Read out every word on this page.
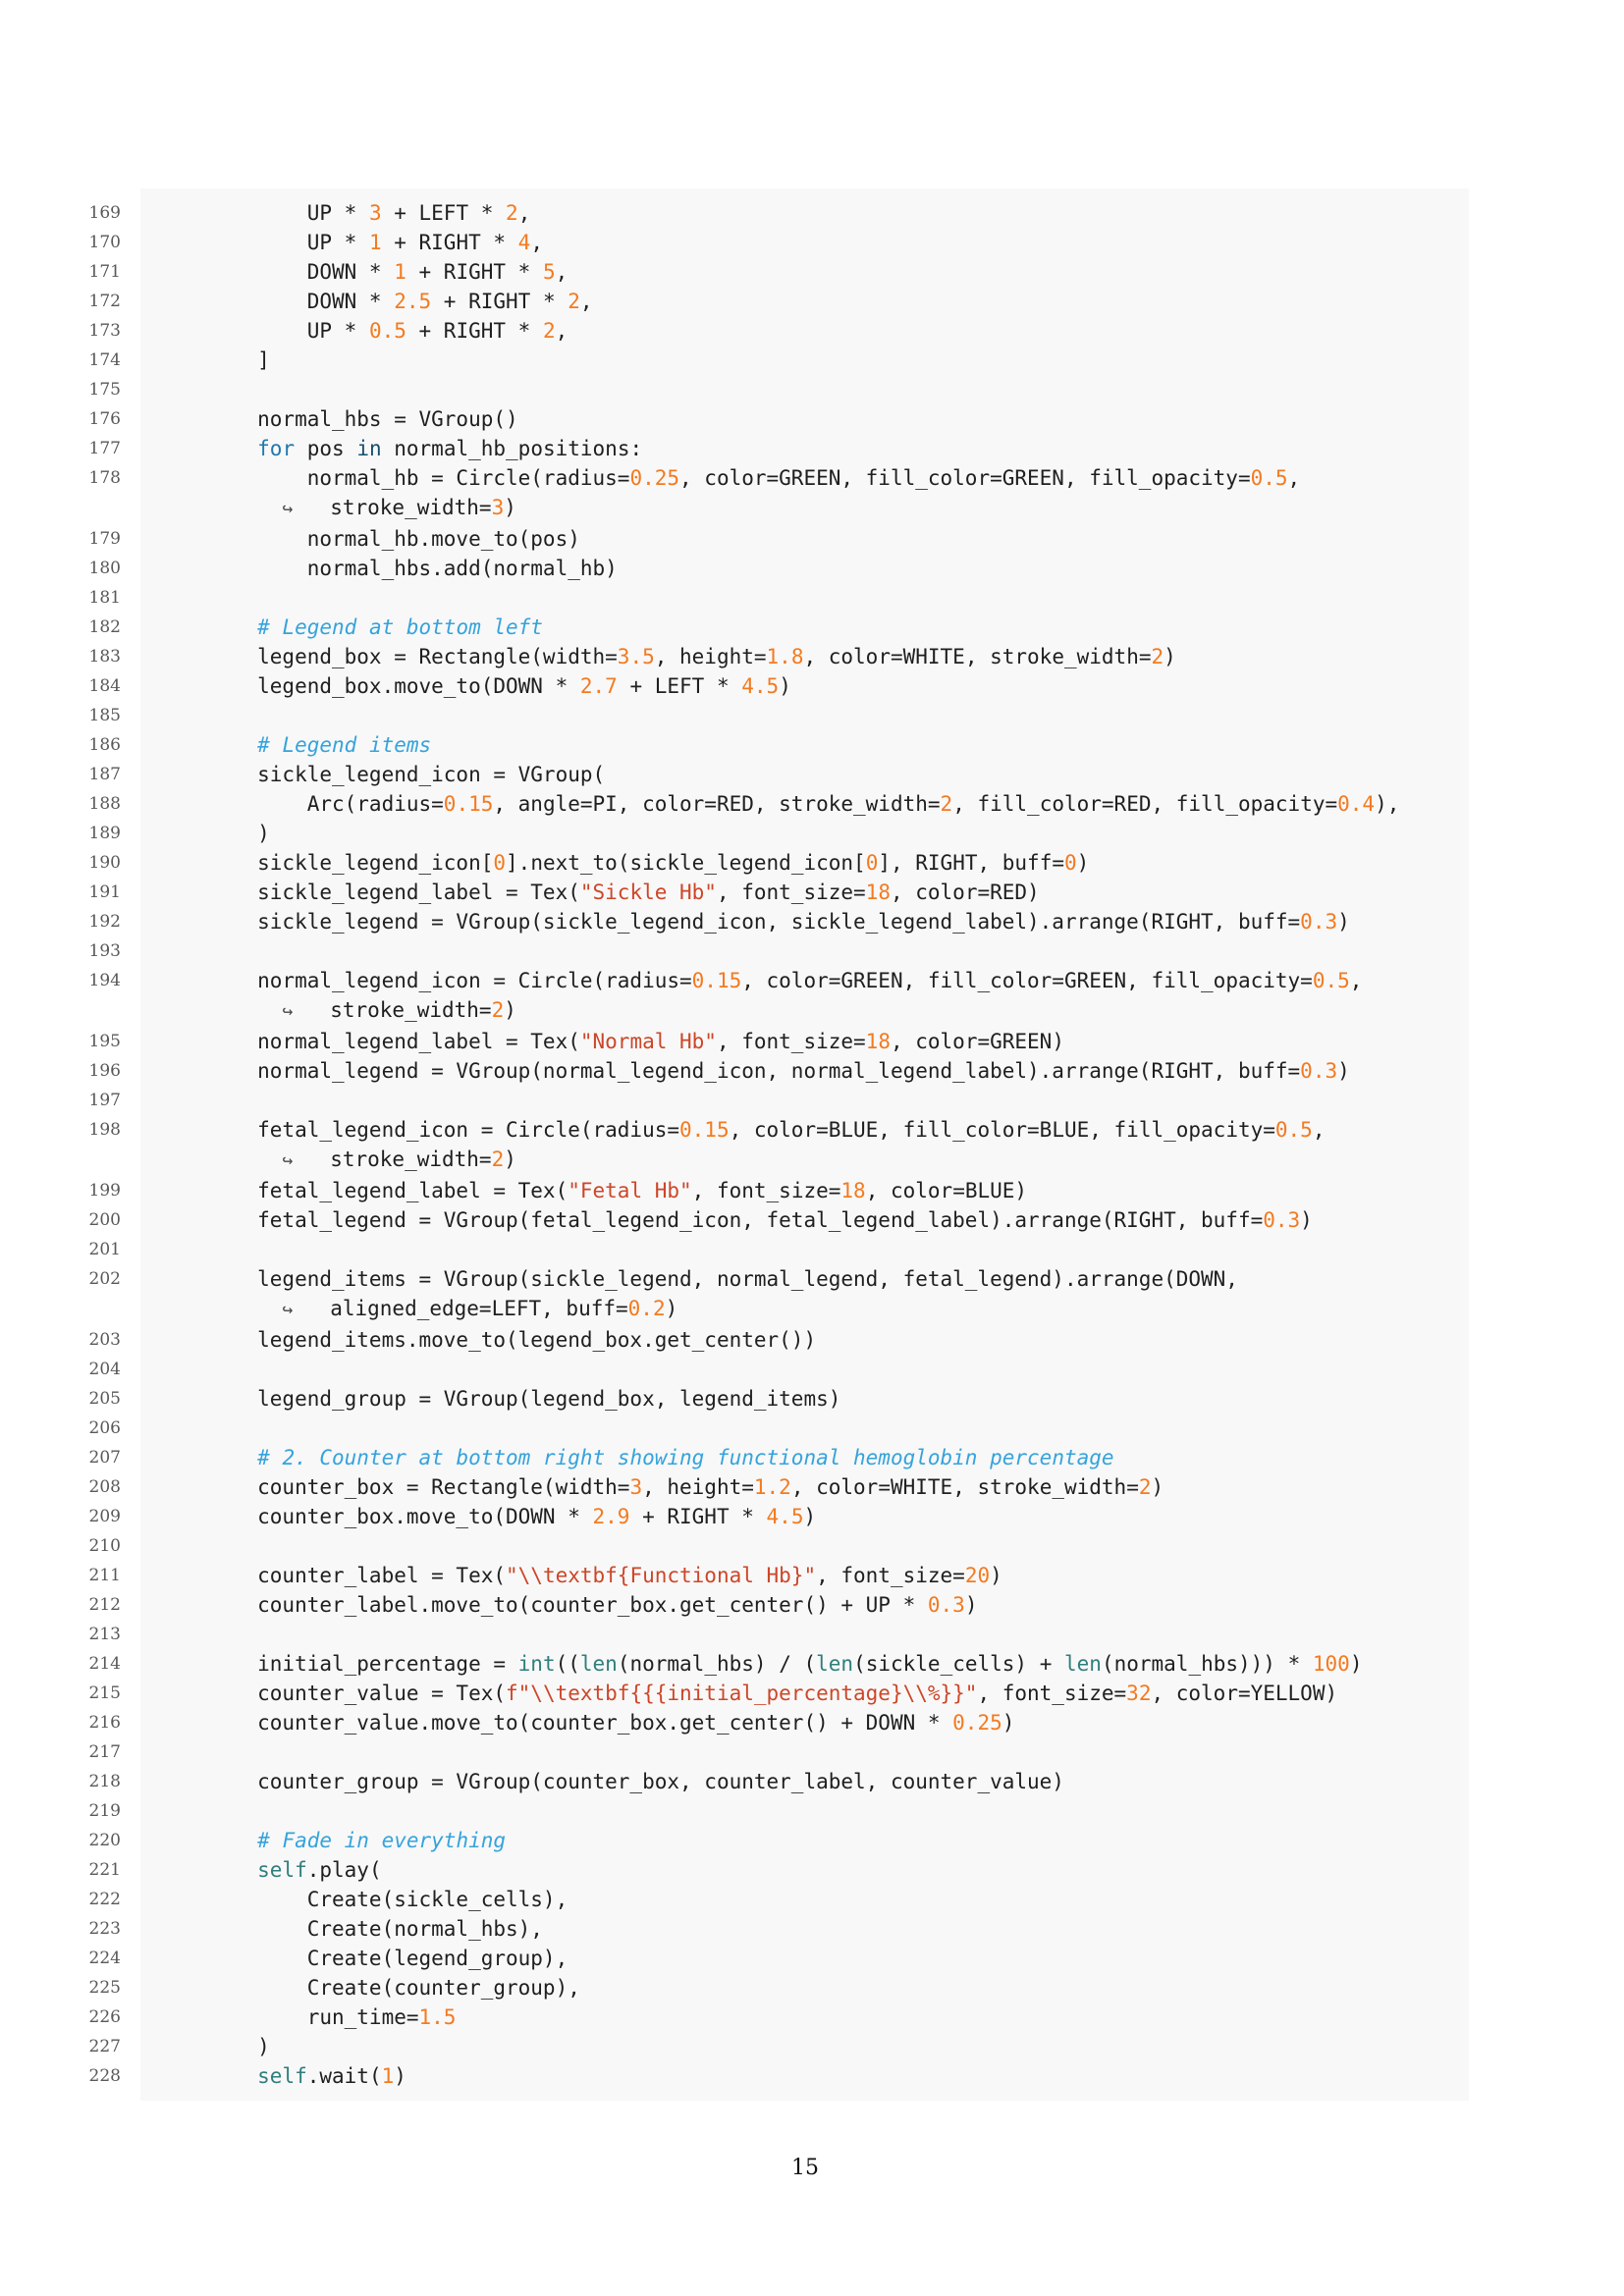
169	UP * 3 + LEFT * 2,
170	UP * 1 + RIGHT * 4,
171	DOWN * 1 + RIGHT * 5,
172	DOWN * 2.5 + RIGHT * 2,
173	UP * 0.5 + RIGHT * 2,
174	]
175

176	normal_hbs = VGroup()
177	for pos in normal_hb_positions:
178	normal_hb = Circle(radius=0.25, color=GREEN, fill_color=GREEN, fill_opacity=0.5,
↪   stroke_width=3)
179	normal_hb.move_to(pos)
180	normal_hbs.add(normal_hb)
181

182	# Legend at bottom left
183	legend_box = Rectangle(width=3.5, height=1.8, color=WHITE, stroke_width=2)
184	legend_box.move_to(DOWN * 2.7 + LEFT * 4.5)
185

186	# Legend items
187	sickle_legend_icon = VGroup(
188	Arc(radius=0.15, angle=PI, color=RED, stroke_width=2, fill_color=RED, fill_opacity=0.4),
189	)
190	sickle_legend_icon[0].next_to(sickle_legend_icon[0], RIGHT, buff=0)
191	sickle_legend_label = Tex("Sickle Hb", font_size=18, color=RED)
192	sickle_legend = VGroup(sickle_legend_icon, sickle_legend_label).arrange(RIGHT, buff=0.3)
193

194	normal_legend_icon = Circle(radius=0.15, color=GREEN, fill_color=GREEN, fill_opacity=0.5,
↪   stroke_width=2)
195	normal_legend_label = Tex("Normal Hb", font_size=18, color=GREEN)
196	normal_legend = VGroup(normal_legend_icon, normal_legend_label).arrange(RIGHT, buff=0.3)
197

198	fetal_legend_icon = Circle(radius=0.15, color=BLUE, fill_color=BLUE, fill_opacity=0.5,
↪   stroke_width=2)
199	fetal_legend_label = Tex("Fetal Hb", font_size=18, color=BLUE)
200	fetal_legend = VGroup(fetal_legend_icon, fetal_legend_label).arrange(RIGHT, buff=0.3)
201

202	legend_items = VGroup(sickle_legend, normal_legend, fetal_legend).arrange(DOWN,
↪   aligned_edge=LEFT, buff=0.2)
203	legend_items.move_to(legend_box.get_center())
204

205	legend_group = VGroup(legend_box, legend_items)
206

207	# 2. Counter at bottom right showing functional hemoglobin percentage
208	counter_box = Rectangle(width=3, height=1.2, color=WHITE, stroke_width=2)
209	counter_box.move_to(DOWN * 2.9 + RIGHT * 4.5)
210

211	counter_label = Tex("\\textbf{Functional Hb}", font_size=20)
212	counter_label.move_to(counter_box.get_center() + UP * 0.3)
213

214	initial_percentage = int((len(normal_hbs) / (len(sickle_cells) + len(normal_hbs))) * 100)
215	counter_value = Tex(f"\\textbf{{{initial_percentage}\\%}}", font_size=32, color=YELLOW)
216	counter_value.move_to(counter_box.get_center() + DOWN * 0.25)
217

218	counter_group = VGroup(counter_box, counter_label, counter_value)
219

220	# Fade in everything
221	self.play(
222	Create(sickle_cells),
223	Create(normal_hbs),
224	Create(legend_group),
225	Create(counter_group),
226	run_time=1.5
227	)
228	self.wait(1)
15
